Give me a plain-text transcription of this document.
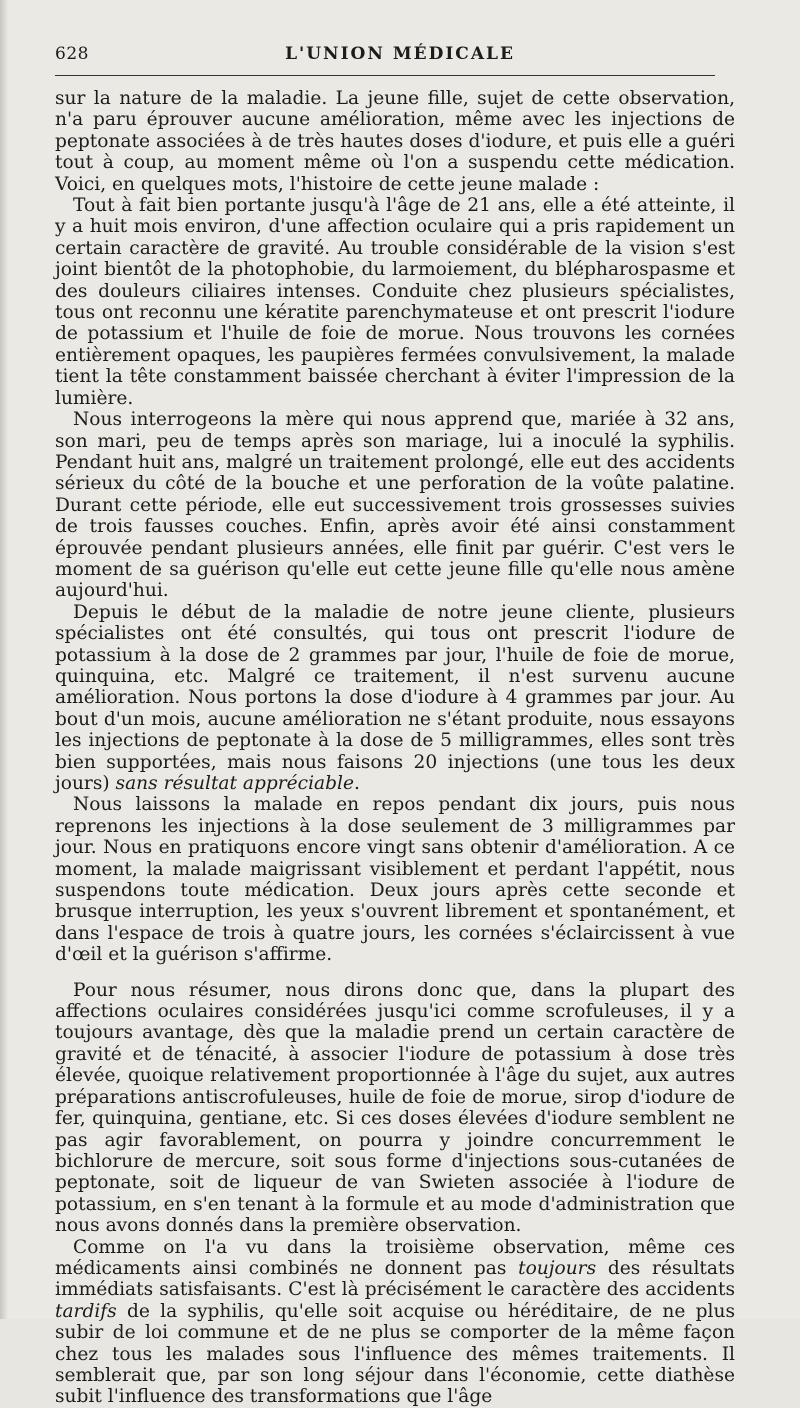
628	L'UNION MÉDICALE

sur la nature de la maladie. La jeune fille, sujet de cette observation, n'a paru éprouver aucune amélioration, même avec les injections de peptonate associées à de très hautes doses d'iodure, et puis elle a guéri tout à coup, au moment même où l'on a suspendu cette médication. Voici, en quelques mots, l'histoire de cette jeune malade :

Tout à fait bien portante jusqu'à l'âge de 21 ans, elle a été atteinte, il y a huit mois environ, d'une affection oculaire qui a pris rapidement un certain caractère de gravité. Au trouble considérable de la vision s'est joint bientôt de la photophobie, du larmoiement, du blépharospasme et des douleurs ciliaires intenses. Conduite chez plusieurs spécialistes, tous ont reconnu une kératite parenchymateuse et ont prescrit l'iodure de potassium et l'huile de foie de morue. Nous trouvons les cornées entièrement opaques, les paupières fermées convulsivement, la malade tient la tête constamment baissée cherchant à éviter l'impression de la lumière.

Nous interrogeons la mère qui nous apprend que, mariée à 32 ans, son mari, peu de temps après son mariage, lui a inoculé la syphilis. Pendant huit ans, malgré un traitement prolongé, elle eut des accidents sérieux du côté de la bouche et une perforation de la voûte palatine. Durant cette période, elle eut successivement trois grossesses suivies de trois fausses couches. Enfin, après avoir été ainsi constamment éprouvée pendant plusieurs années, elle finit par guérir. C'est vers le moment de sa guérison qu'elle eut cette jeune fille qu'elle nous amène aujourd'hui.

Depuis le début de la maladie de notre jeune cliente, plusieurs spécialistes ont été consultés, qui tous ont prescrit l'iodure de potassium à la dose de 2 grammes par jour, l'huile de foie de morue, quinquina, etc. Malgré ce traitement, il n'est survenu aucune amélioration. Nous portons la dose d'iodure à 4 grammes par jour. Au bout d'un mois, aucune amélioration ne s'étant produite, nous essayons les injections de peptonate à la dose de 5 milligrammes, elles sont très bien supportées, mais nous faisons 20 injections (une tous les deux jours) sans résultat appréciable.

Nous laissons la malade en repos pendant dix jours, puis nous reprenons les injections à la dose seulement de 3 milligrammes par jour. Nous en pratiquons encore vingt sans obtenir d'amélioration. A ce moment, la malade maigrissant visiblement et perdant l'appétit, nous suspendons toute médication. Deux jours après cette seconde et brusque interruption, les yeux s'ouvrent librement et spontanément, et dans l'espace de trois à quatre jours, les cornées s'éclaircissent à vue d'œil et la guérison s'affirme.

Pour nous résumer, nous dirons donc que, dans la plupart des affections oculaires considérées jusqu'ici comme scrofuleuses, il y a toujours avantage, dès que la maladie prend un certain caractère de gravité et de ténacité, à associer l'iodure de potassium à dose très élevée, quoique relativement proportionnée à l'âge du sujet, aux autres préparations antiscrofuleuses, huile de foie de morue, sirop d'iodure de fer, quinquina, gentiane, etc. Si ces doses élevées d'iodure semblent ne pas agir favorablement, on pourra y joindre concurremment le bichlorure de mercure, soit sous forme d'injections sous-cutanées de peptonate, soit de liqueur de van Swieten associée à l'iodure de potassium, en s'en tenant à la formule et au mode d'administration que nous avons donnés dans la première observation.

Comme on l'a vu dans la troisième observation, même ces médicaments ainsi combinés ne donnent pas toujours des résultats immédiats satisfaisants. C'est là précisément le caractère des accidents tardifs de la syphilis, qu'elle soit acquise ou héréditaire, de ne plus subir de loi commune et de ne plus se comporter de la même façon chez tous les malades sous l'influence des mêmes traitements. Il semblerait que, par son long séjour dans l'économie, cette diathèse subit l'influence des transformations que l'âge
